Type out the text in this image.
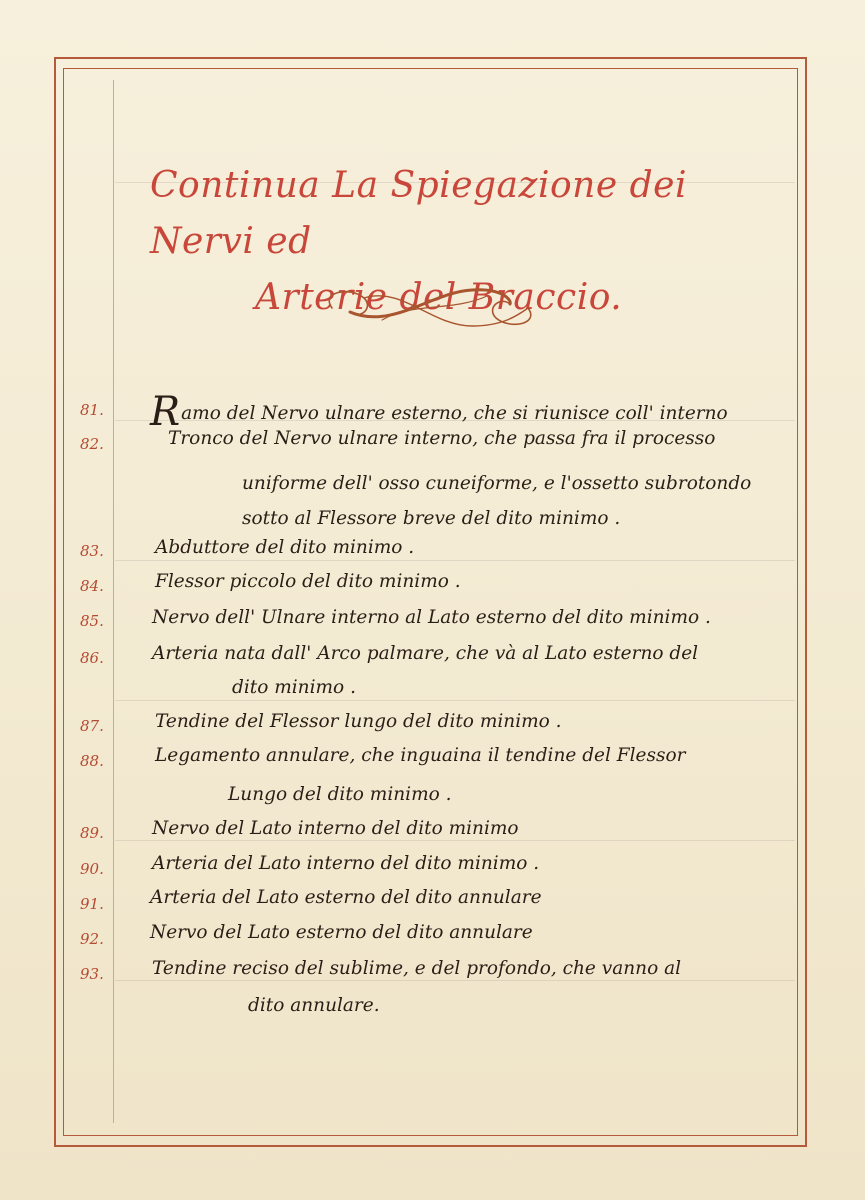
Continua La Spiegazione dei Nervi ed
Arterie del Braccio.
81.	Ramo del Nervo ulnare esterno, che si riunisce coll' interno
82.	Tronco del Nervo ulnare interno, che passa fra il processo
uniforme dell' osso cuneiforme, e l'ossetto subrotondo
sotto al Flessore breve del dito minimo .
83.	Abduttore del dito minimo .
84.	Flessor piccolo del dito minimo .
85.	Nervo dell' Ulnare interno al Lato esterno del dito minimo .
86.	Arteria nata dall' Arco palmare, che và al Lato esterno del
dito minimo .
87.	Tendine del Flessor lungo del dito minimo .
88.	Legamento annulare, che inguaina il tendine del Flessor
Lungo del dito minimo .
89.	Nervo del Lato interno del dito minimo
90.	Arteria del Lato interno del dito minimo .
91.	Arteria del Lato esterno del dito annulare
92.	Nervo del Lato esterno del dito annulare
93.	Tendine reciso del sublime, e del profondo, che vanno al
dito annulare.
